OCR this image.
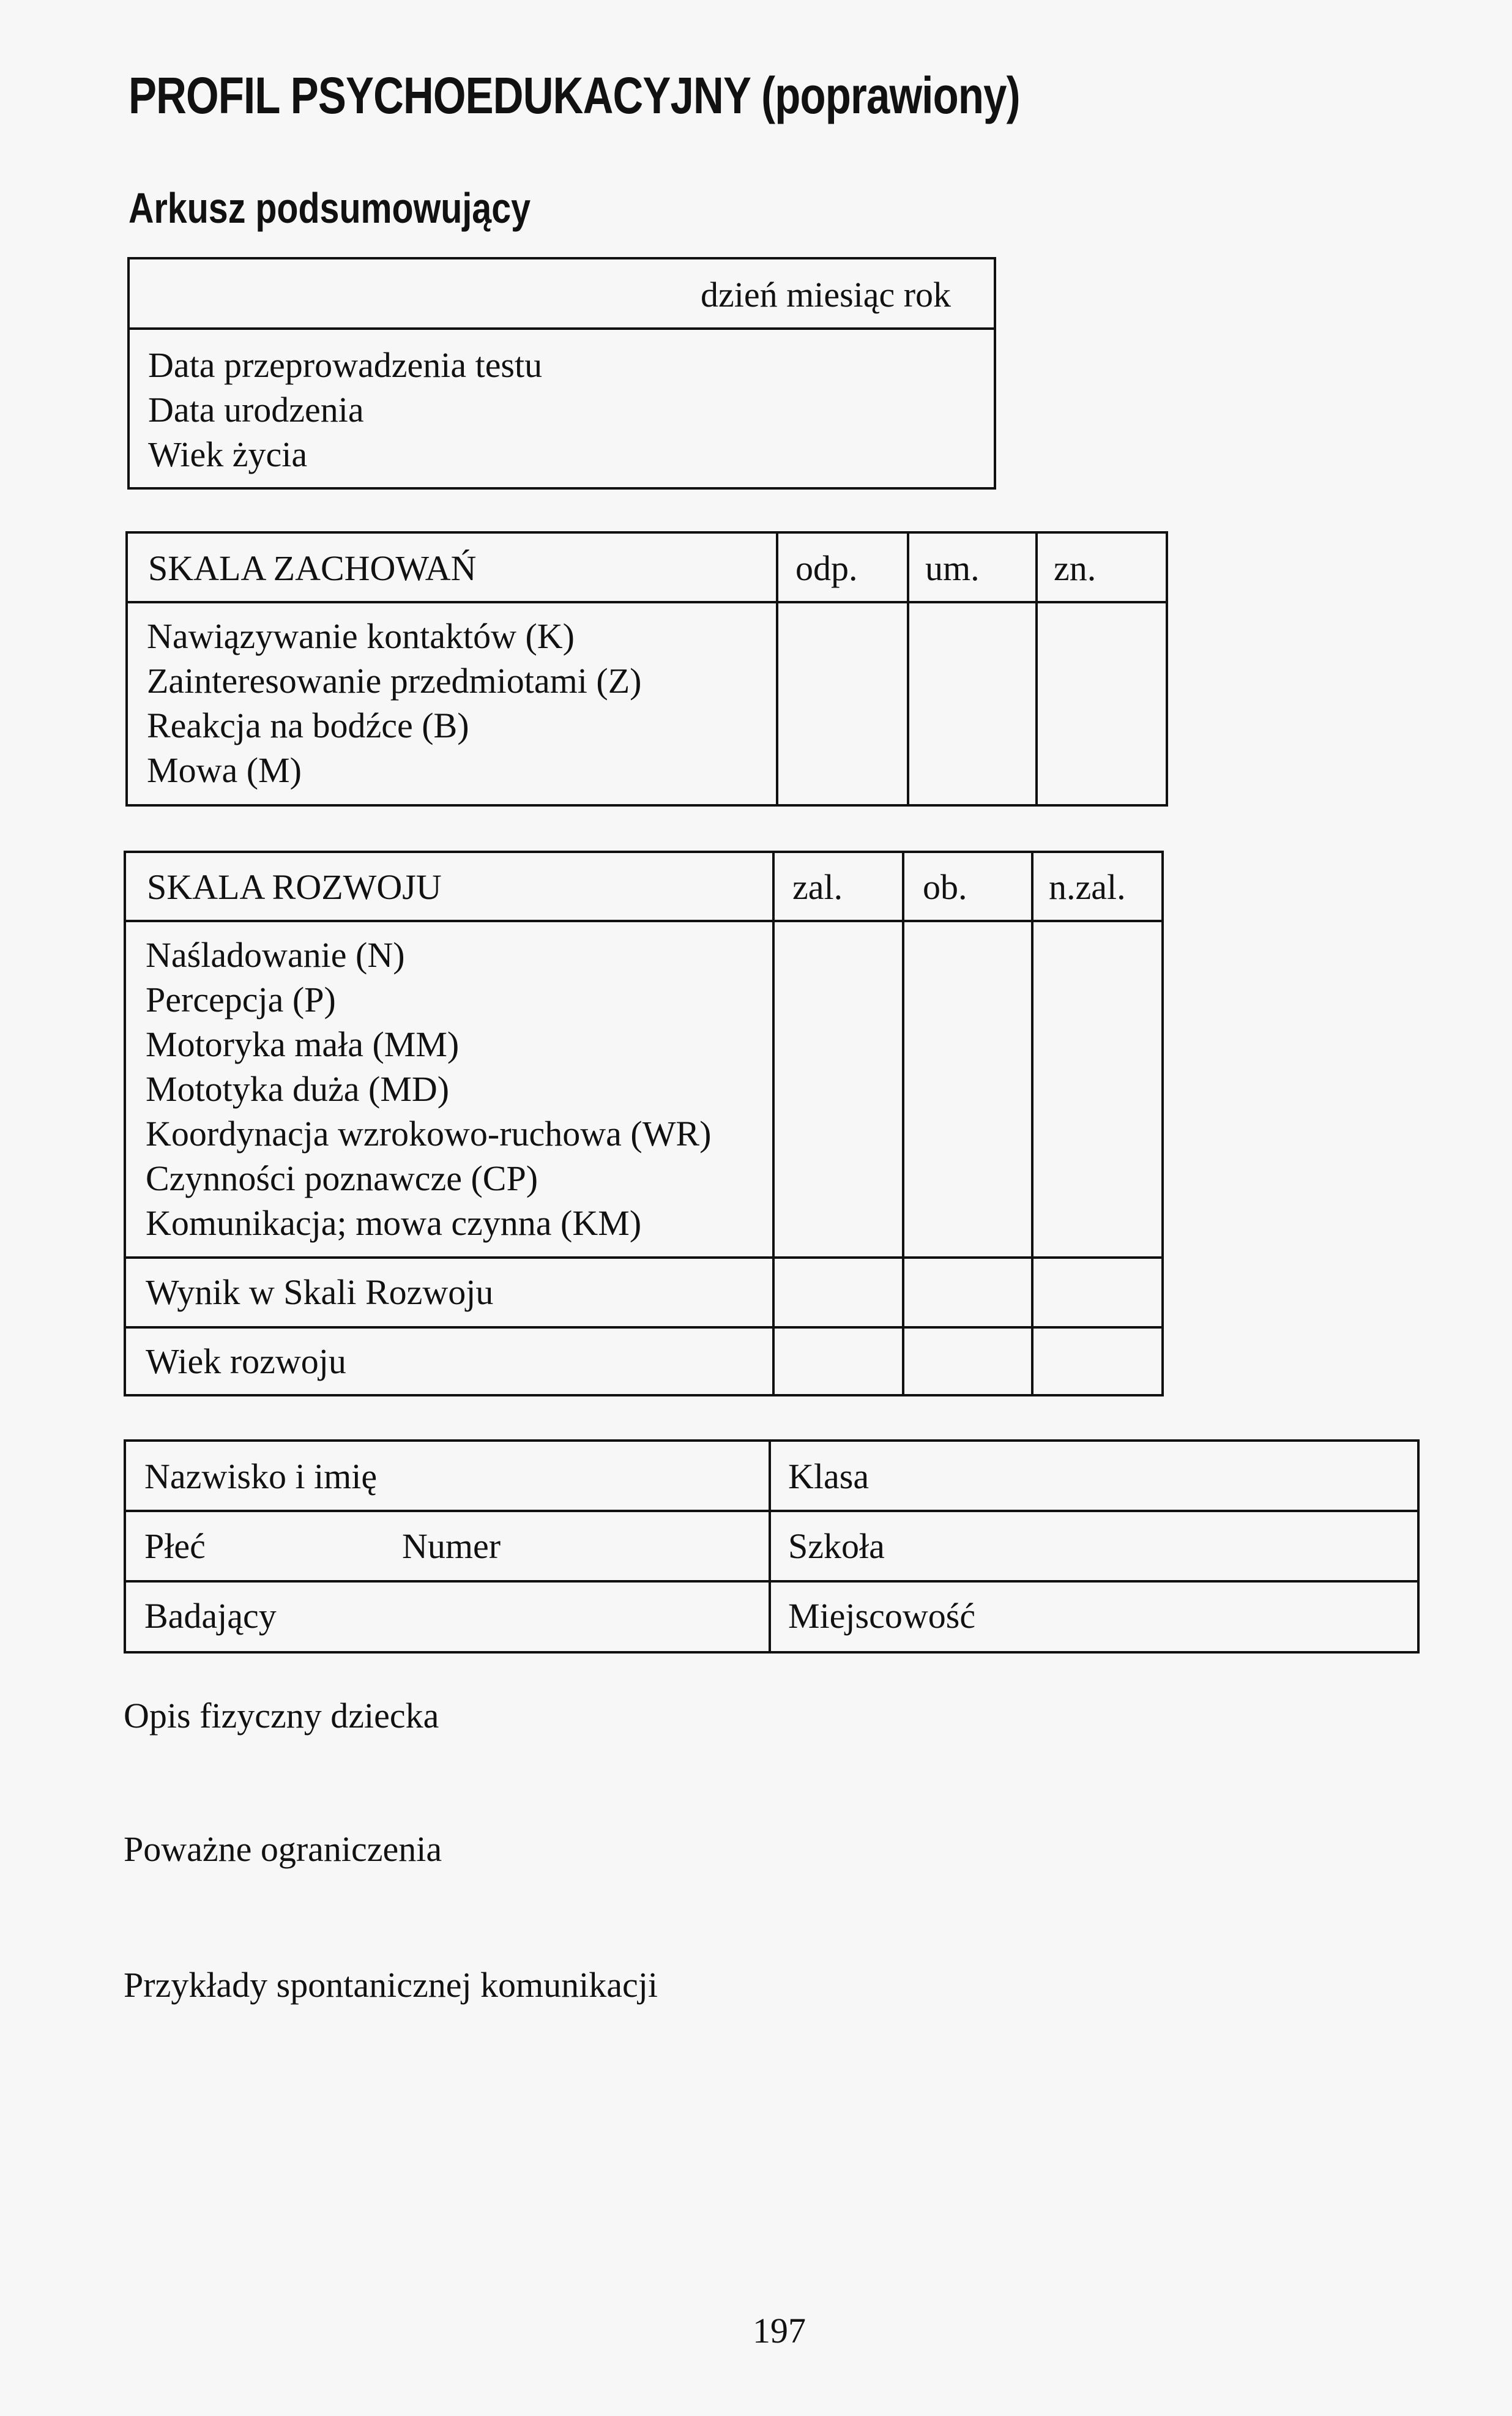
PROFIL PSYCHOEDUKACYJNY (poprawiony)
Arkusz podsumowujący
dzień miesiąc rok
Data przeprowadzenia testu
Data urodzenia
Wiek życia
SKALA ZACHOWAŃ	odp. um. zn.
Nawiązywanie kontaktów (K)
Zainteresowanie przedmiotami (Z)
Reakcja na bodźce (B)
Mowa (M)
SKALA ROZWOJU	zal. ob. n.zal.
Naśladowanie (N)
Percepcja (P)
Motoryka mała (MM)
Mototyka duża (MD)
Koordynacja wzrokowo-ruchowa (WR)
Czynności poznawcze (CP)
Komunikacja; mowa czynna (KM)
Wynik w Skali Rozwoju
Wiek rozwoju
Nazwisko i imię	Klasa
Płeć	Numer	Szkoła
Badający	Miejscowość
Opis fizyczny dziecka
Poważne ograniczenia
Przykłady spontanicznej komunikacji
197
